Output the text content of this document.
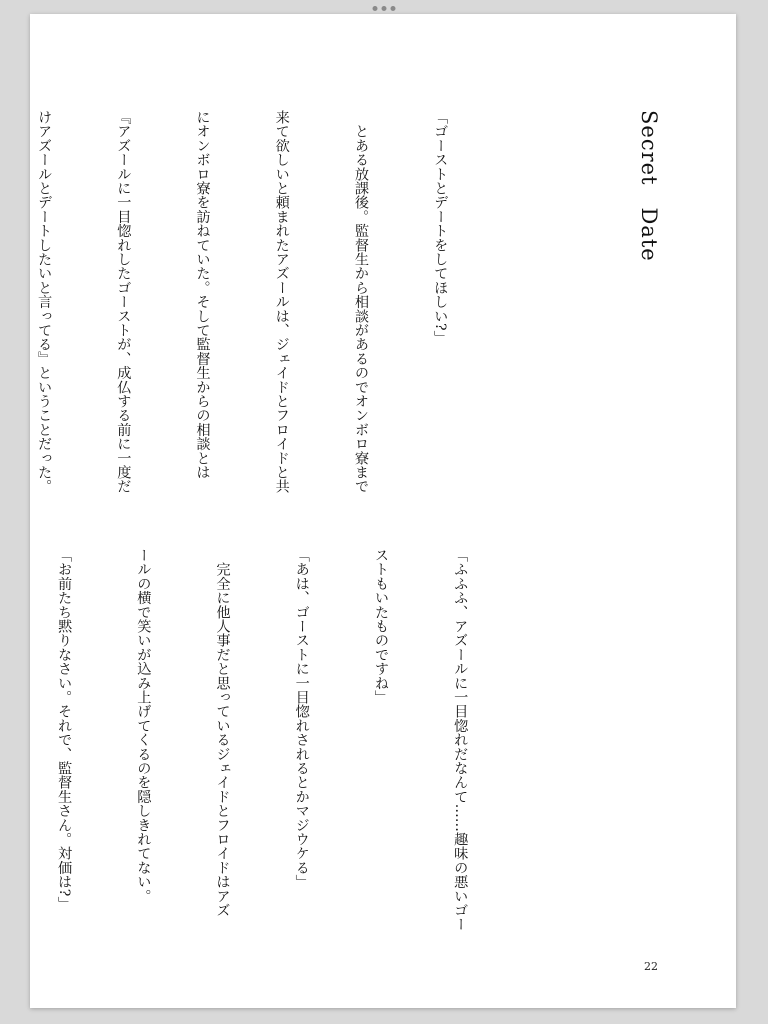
Secret　Date

「ゴーストとデートをしてほしい?」

　とある放課後。監督生から相談があるのでオンボロ寮まで

来て欲しいと頼まれたアズールは、ジェイドとフロイドと共

にオンボロ寮を訪ねていた。そして監督生からの相談とは

『アズールに一目惚れしたゴーストが、成仏する前に一度だ

けアズールとデートしたいと言ってる』ということだった。

「ふふふ、アズールに一目惚れだなんて……趣味の悪いゴー

ストもいたものですね」

「あは、ゴーストに一目惚れされるとかマジウケる」

　完全に他人事だと思っているジェイドとフロイドはアズ

ールの横で笑いが込み上げてくるのを隠しきれてない。

「お前たち黙りなさい。それで、監督生さん。対価は?」

22
